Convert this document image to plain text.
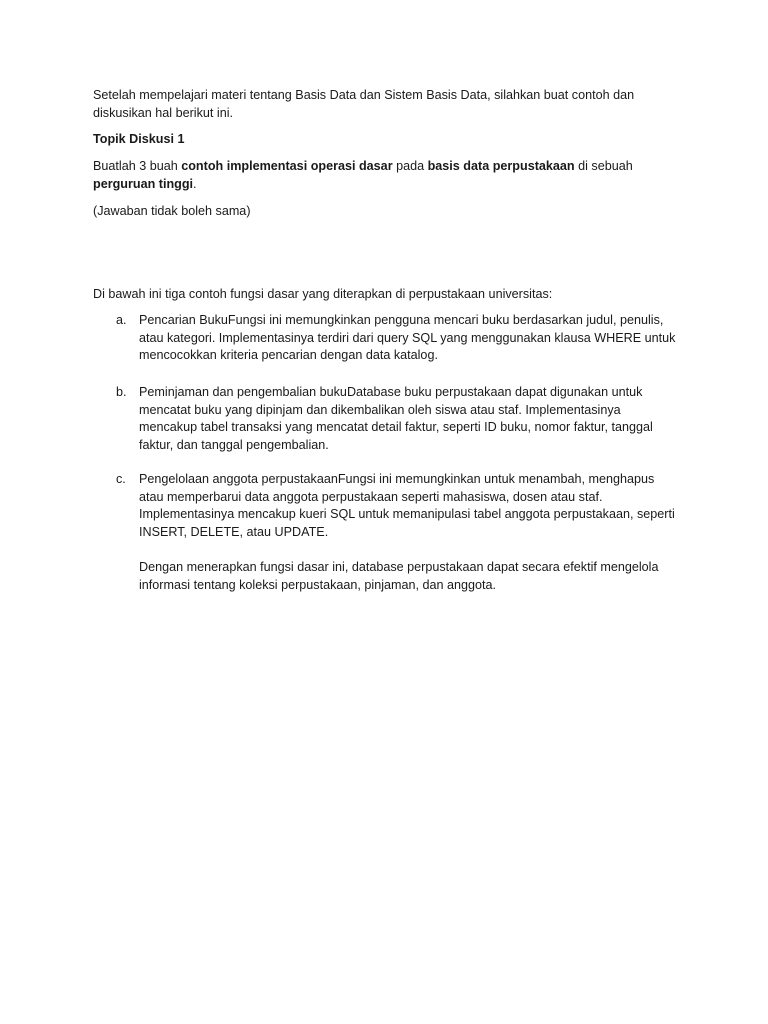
Setelah mempelajari materi tentang Basis Data dan Sistem Basis Data, silahkan buat contoh dan diskusikan hal berikut ini.
Topik Diskusi 1
Buatlah 3 buah contoh implementasi operasi dasar pada basis data perpustakaan di sebuah
perguruan tinggi.
(Jawaban tidak boleh sama)
Di bawah ini tiga contoh fungsi dasar yang diterapkan di perpustakaan universitas:
a. Pencarian BukuFungsi ini memungkinkan pengguna mencari buku berdasarkan judul, penulis, atau kategori. Implementasinya terdiri dari query SQL yang menggunakan klausa WHERE untuk mencocokkan kriteria pencarian dengan data katalog.
b. Peminjaman dan pengembalian bukuDatabase buku perpustakaan dapat digunakan untuk mencatat buku yang dipinjam dan dikembalikan oleh siswa atau staf. Implementasinya mencakup tabel transaksi yang mencatat detail faktur, seperti ID buku, nomor faktur, tanggal faktur, dan tanggal pengembalian.
c. Pengelolaan anggota perpustakaanFungsi ini memungkinkan untuk menambah, menghapus atau memperbarui data anggota perpustakaan seperti mahasiswa, dosen atau staf. Implementasinya mencakup kueri SQL untuk memanipulasi tabel anggota perpustakaan, seperti INSERT, DELETE, atau UPDATE.
Dengan menerapkan fungsi dasar ini, database perpustakaan dapat secara efektif mengelola informasi tentang koleksi perpustakaan, pinjaman, dan anggota.
